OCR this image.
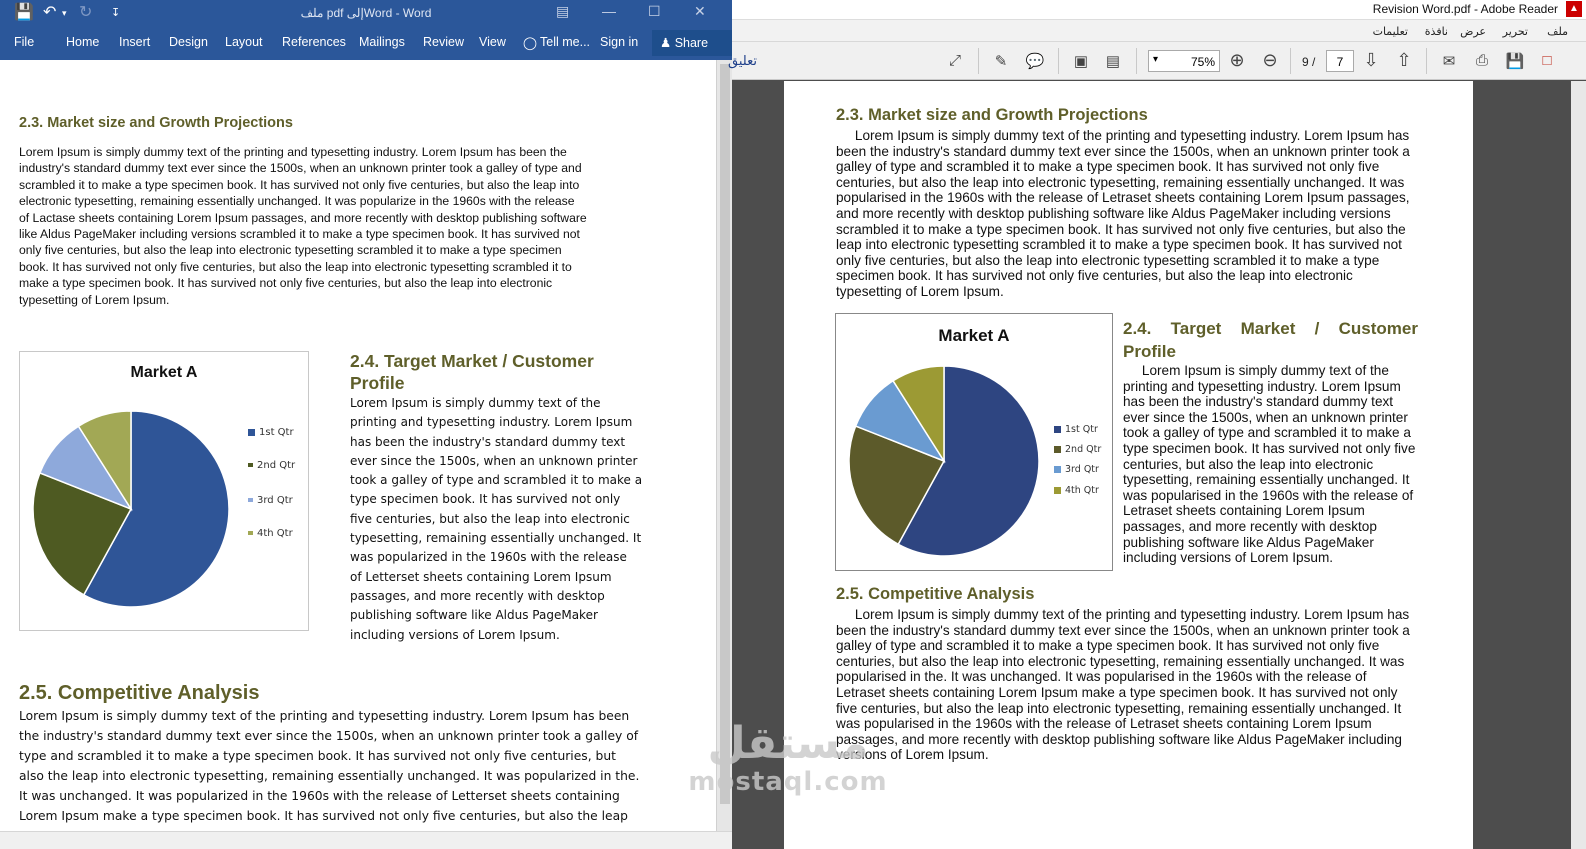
💾 ↶ ▾ ↻ ↧	ملف pdf إلىWord - Word	▤ — ☐ ✕
File	Home Insert Design Layout References Mailings Review View ◯ Tell me... Sign in	♟ Share
2.3. Market size and Growth Projections
Lorem Ipsum is simply dummy text of the printing and typesetting industry. Lorem Ipsum has been the
industry's standard dummy text ever since the 1500s, when an unknown printer took a galley of type and
scrambled it to make a type specimen book. It has survived not only five centuries, but also the leap into
electronic typesetting, remaining essentially unchanged. It was popularize in the 1960s with the release
of Lactase sheets containing Lorem Ipsum passages, and more recently with desktop publishing software
like Aldus PageMaker including versions scrambled it to make a type specimen book. It has survived not
only five centuries, but also the leap into electronic typesetting scrambled it to make a type specimen
book. It has survived not only five centuries, but also the leap into electronic typesetting scrambled it to
make a type specimen book. It has survived not only five centuries, but also the leap into electronic
typesetting of Lorem Ipsum.
Market A
1st Qtr
2nd Qtr
3rd Qtr
4th Qtr
2.4. Target Market / Customer
Profile
Lorem Ipsum is simply dummy text of the
printing and typesetting industry. Lorem Ipsum
has been the industry's standard dummy text
ever since the 1500s, when an unknown printer
took a galley of type and scrambled it to make a
type specimen book. It has survived not only
five centuries, but also the leap into electronic
typesetting, remaining essentially unchanged. It
was popularized in the 1960s with the release
of Letterset sheets containing Lorem Ipsum
passages, and more recently with desktop
publishing software like Aldus PageMaker
including versions of Lorem Ipsum.
2.5. Competitive Analysis
Lorem Ipsum is simply dummy text of the printing and typesetting industry. Lorem Ipsum has been
the industry's standard dummy text ever since the 1500s, when an unknown printer took a galley of
type and scrambled it to make a type specimen book. It has survived not only five centuries, but
also the leap into electronic typesetting, remaining essentially unchanged. It was popularized in the.
It was unchanged. It was popularized in the 1960s with the release of Letterset sheets containing
Lorem Ipsum make a type specimen book. It has survived not only five centuries, but also the leap
Revision Word.pdf - Adobe Reader	▲
ملف
تحرير
عرض
نافذة
تعليمات
تعليق	⤢	✎	💬 ▣ ▤	▾	75% ⊕ ⊖ 9 /	7	⇩ ⇧	✉	⎙	💾	□
2.3. Market size and Growth Projections
Lorem Ipsum is simply dummy text of the printing and typesetting industry. Lorem Ipsum has
been the industry's standard dummy text ever since the 1500s, when an unknown printer took a
galley of type and scrambled it to make a type specimen book. It has survived not only five
centuries, but also the leap into electronic typesetting, remaining essentially unchanged. It was
popularised in the 1960s with the release of Letraset sheets containing Lorem Ipsum passages,
and more recently with desktop publishing software like Aldus PageMaker including versions
scrambled it to make a type specimen book. It has survived not only five centuries, but also the
leap into electronic typesetting scrambled it to make a type specimen book. It has survived not
only five centuries, but also the leap into electronic typesetting scrambled it to make a type
specimen book. It has survived not only five centuries, but also the leap into electronic
typesetting of Lorem Ipsum.
Market A
1st Qtr
2nd Qtr
3rd Qtr
4th Qtr
2.4. Target Market / Customer
Profile
Lorem Ipsum is simply dummy text of the
printing and typesetting industry. Lorem Ipsum
has been the industry's standard dummy text
ever since the 1500s, when an unknown printer
took a galley of type and scrambled it to make a
type specimen book. It has survived not only five
centuries, but also the leap into electronic
typesetting, remaining essentially unchanged. It
was popularised in the 1960s with the release of
Letraset sheets containing Lorem Ipsum
passages, and more recently with desktop
publishing software like Aldus PageMaker
including versions of Lorem Ipsum.
2.5. Competitive Analysis
Lorem Ipsum is simply dummy text of the printing and typesetting industry. Lorem Ipsum has
been the industry's standard dummy text ever since the 1500s, when an unknown printer took a
galley of type and scrambled it to make a type specimen book. It has survived not only five
centuries, but also the leap into electronic typesetting, remaining essentially unchanged. It was
popularised in the. It was unchanged. It was popularised in the 1960s with the release of
Letraset sheets containing Lorem Ipsum make a type specimen book. It has survived not only
five centuries, but also the leap into electronic typesetting, remaining essentially unchanged. It
was popularised in the 1960s with the release of Letraset sheets containing Lorem Ipsum
passages, and more recently with desktop publishing software like Aldus PageMaker including
versions of Lorem Ipsum.
مستقل
mostaql.com
